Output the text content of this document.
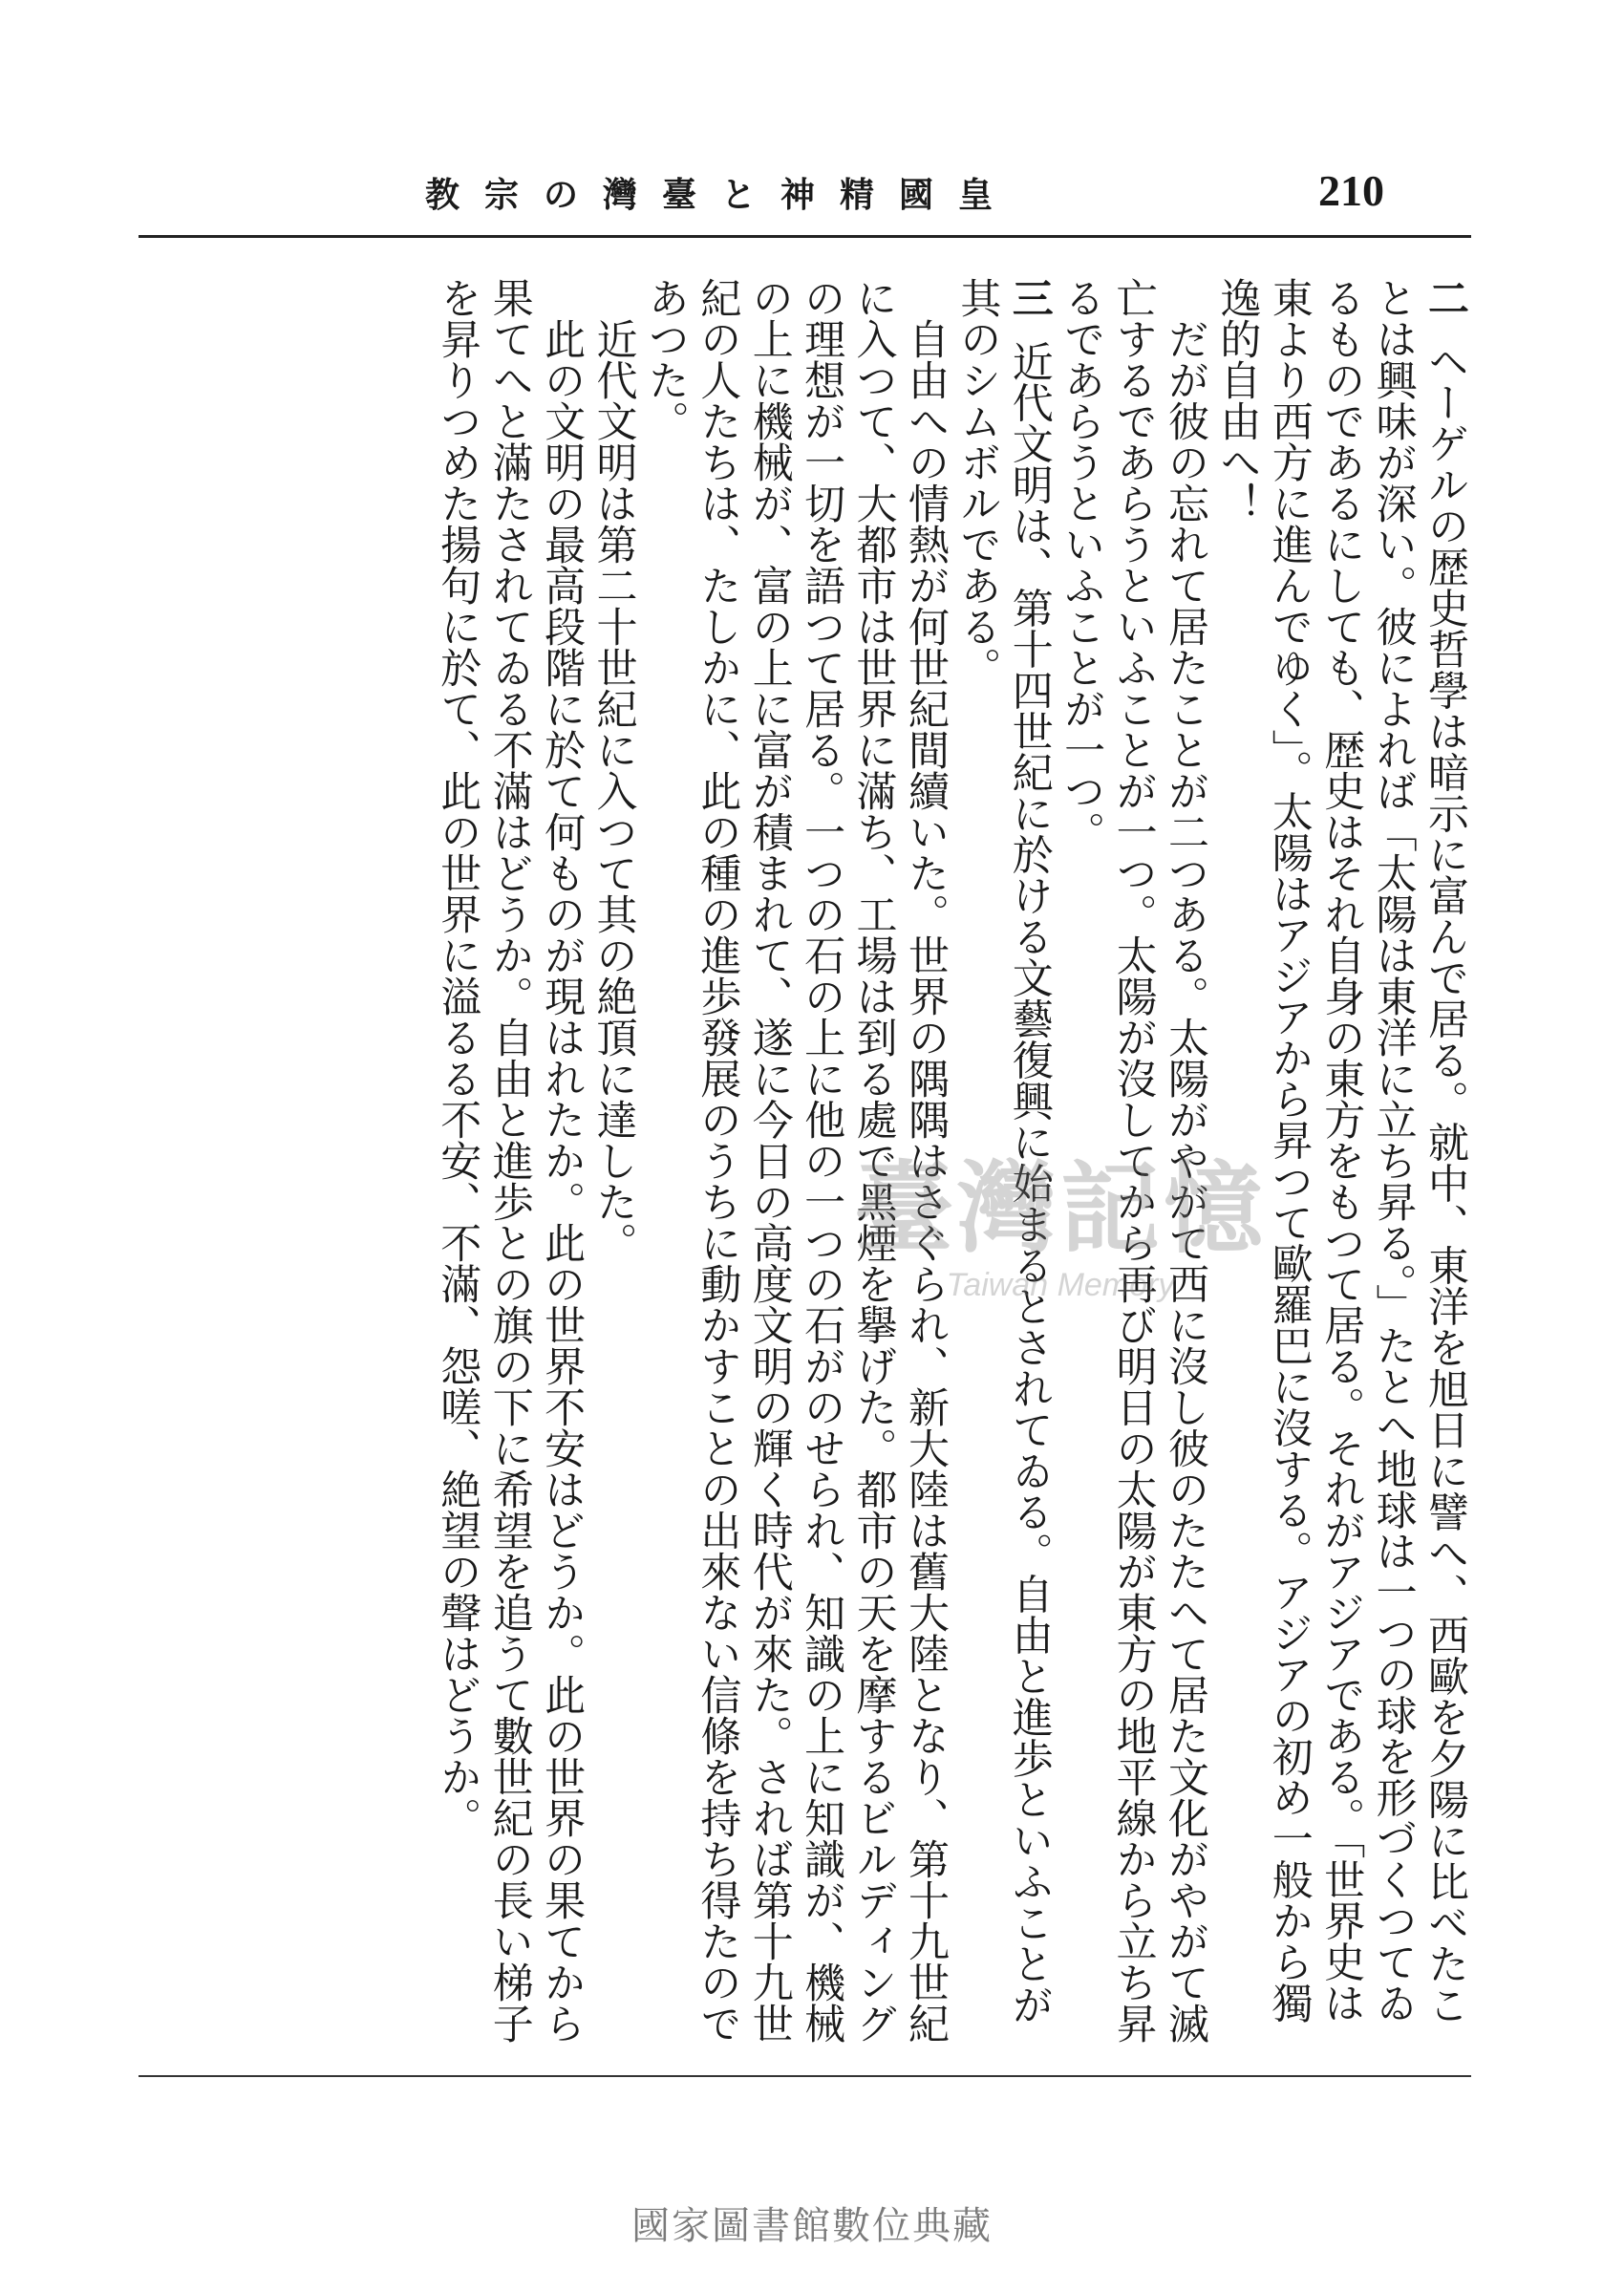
皇國精神と臺灣の宗教	210

二ヘーゲルの歴史哲學は暗示に富んで居る。就中、東洋を旭日に譬へ、西歐を夕陽に比べたことは興味が深い。彼によれば「太陽は東洋に立ち昇る。」たとへ地球は一つの球を形づくつてゐるものであるにしても、歴史はそれ自身の東方をもつて居る。それがアジアである。「世界史は東より西方に進んでゆく」。太陽はアジアから昇つて歐羅巴に沒する。アジアの初め一般から獨逸的自由へ！

だが彼の忘れて居たことが二つある。太陽がやがて西に沒し彼のたたへて居た文化がやがて滅亡するであらうといふことが一つ。太陽が沒してから再び明日の太陽が東方の地平線から立ち昇るであらうといふことが一つ。

三近代文明は、第十四世紀に於ける文藝復興に始まるとされてゐる。自由と進歩といふことが其のシムボルである。

自由への情熱が何世紀間續いた。世界の隅隅はさぐられ、新大陸は舊大陸となり、第十九世紀に入つて、大都市は世界に滿ち、工場は到る處で黑煙を擧げた。都市の天を摩するビルディングの理想が一切を語つて居る。一つの石の上に他の一つの石がのせられ、知識の上に知識が、機械の上に機械が、富の上に富が積まれて、遂に今日の高度文明の輝く時代が來た。されば第十九世紀の人たちは、たしかに、此の種の進歩發展のうちに動かすことの出來ない信條を持ち得たのであつた。

近代文明は第二十世紀に入つて其の絶頂に達した。

此の文明の最高段階に於て何ものが現はれたか。此の世界不安はどうか。此の世界の果てから果てへと滿たされてゐる不滿はどうか。自由と進歩との旗の下に希望を追うて數世紀の長い梯子を昇りつめた揚句に於て、此の世界に溢るる不安、不滿、怨嗟、絶望の聲はどうか。	臺灣記憶
Taiwan Memory
國家圖書館數位典藏
